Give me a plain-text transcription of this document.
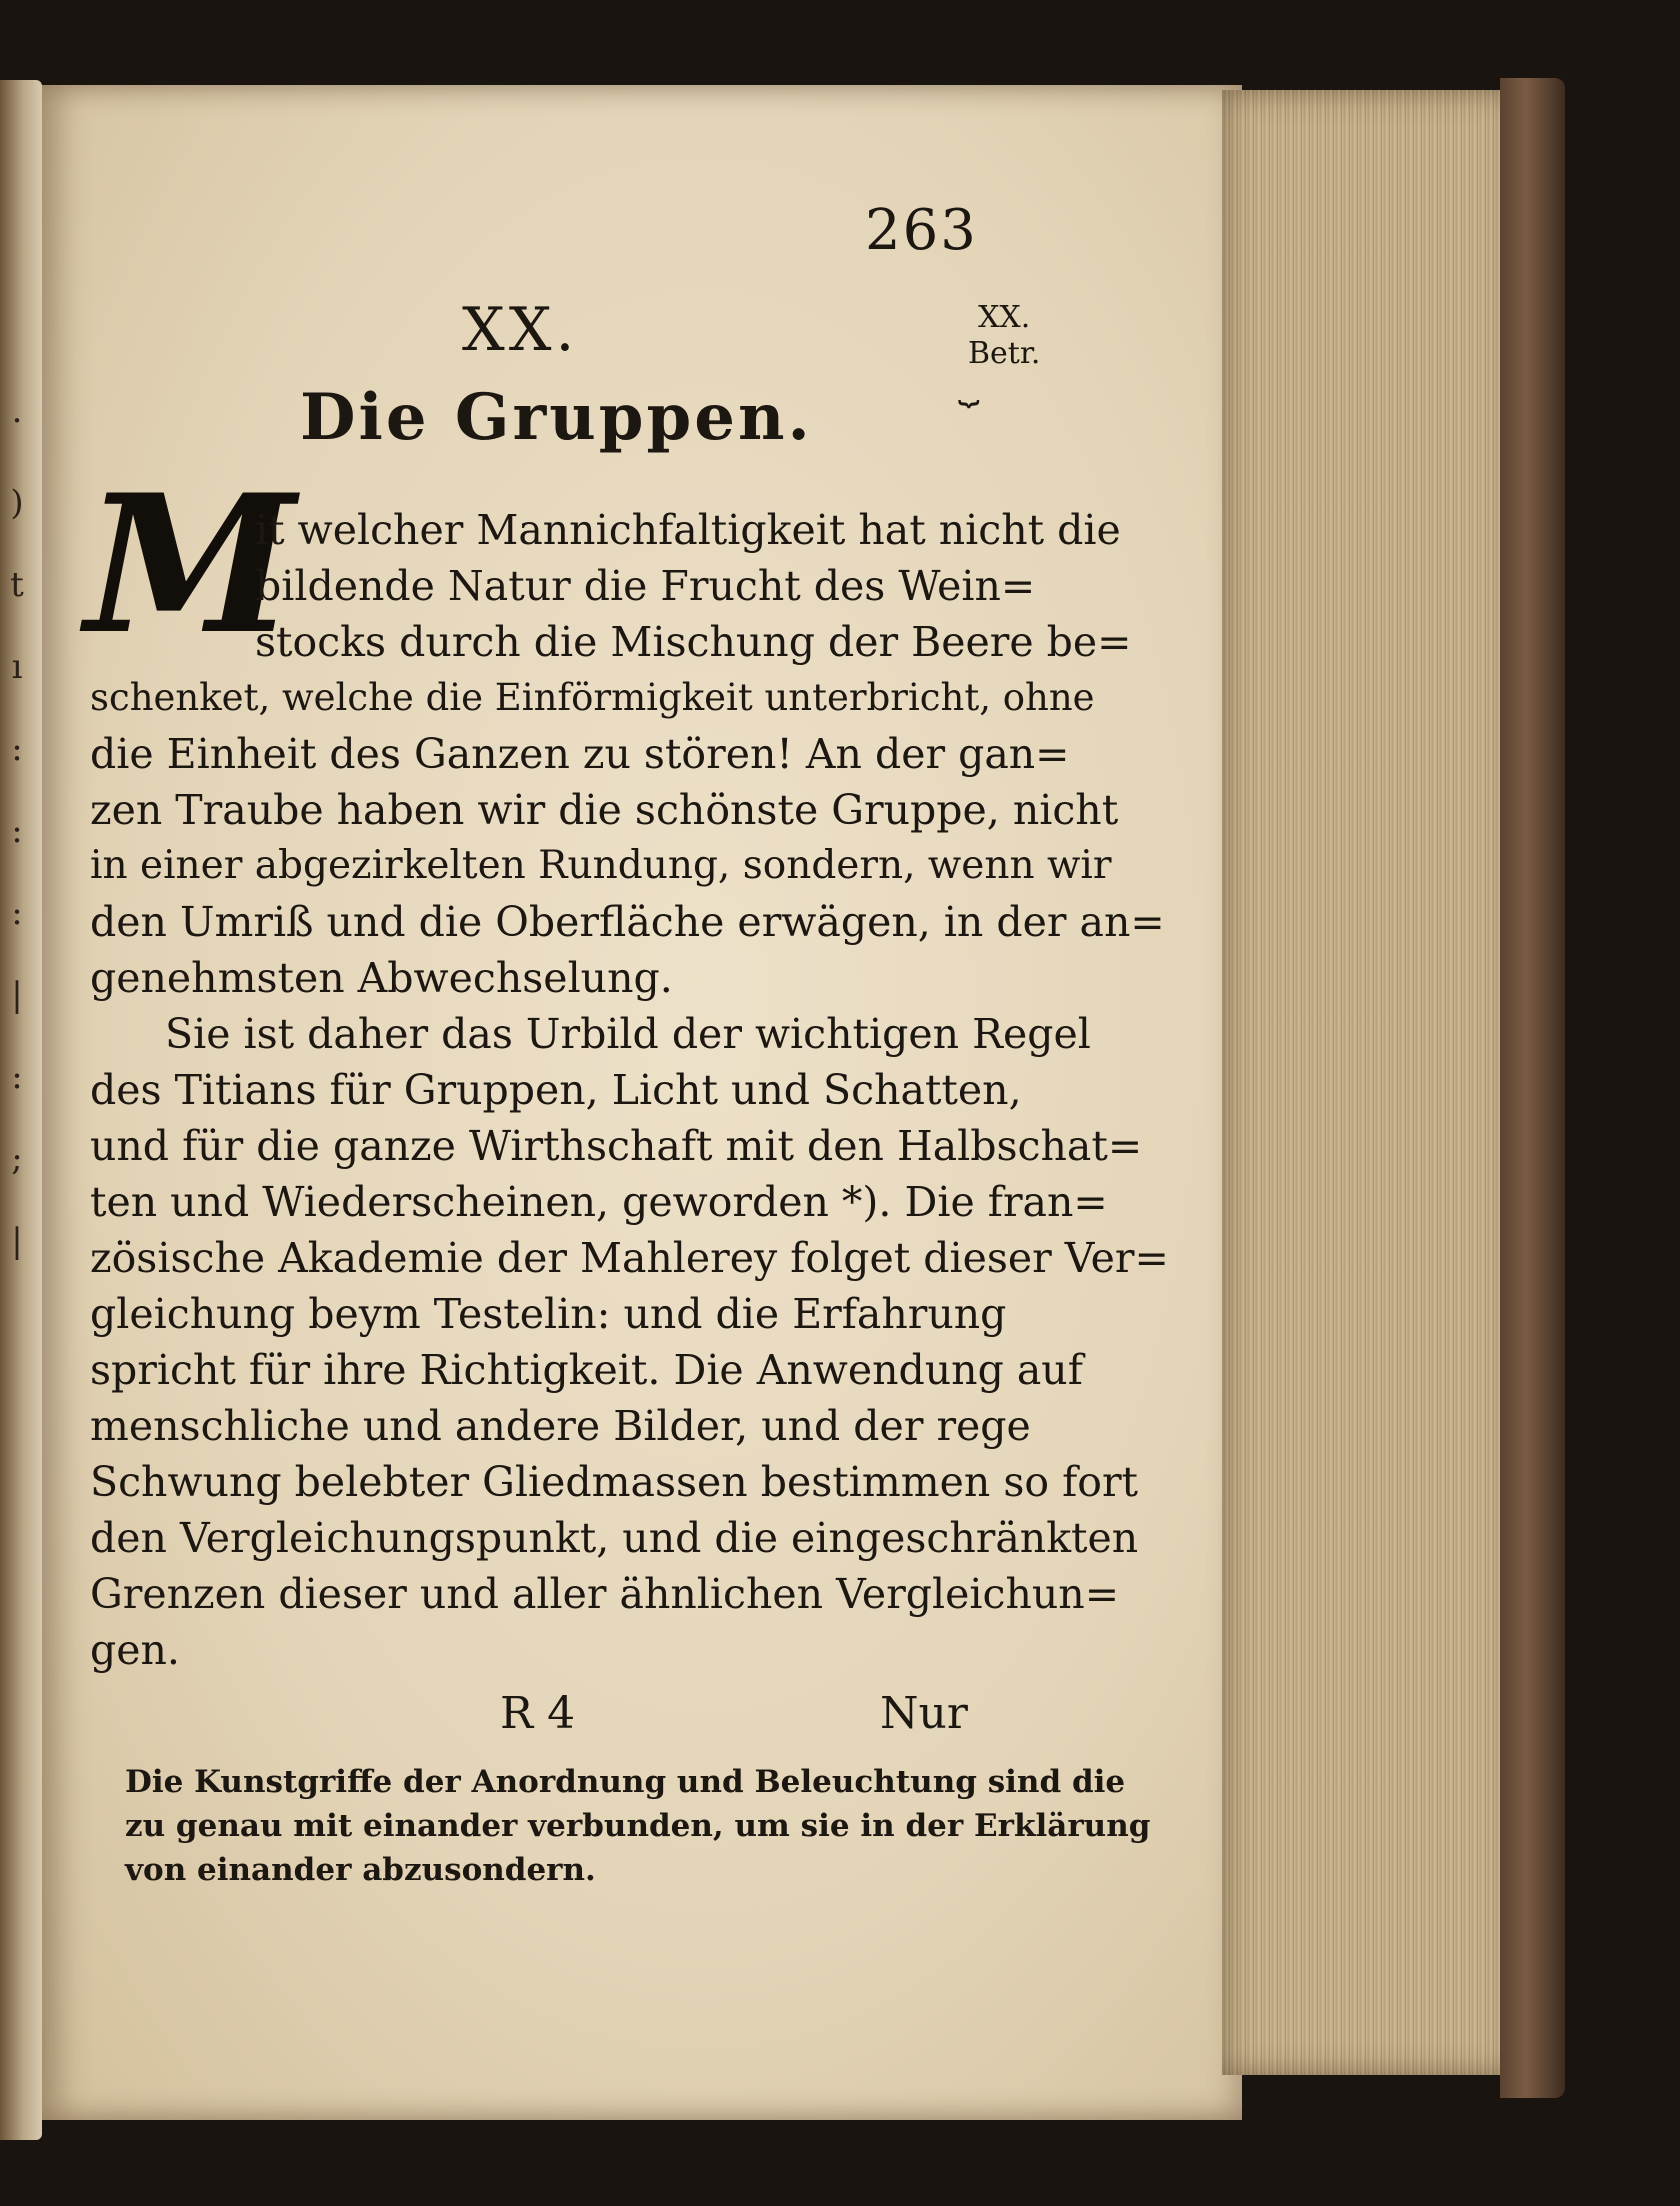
·
)
t
ı
:
:
:
|
:
;
|
263
XX.	XX.
Betr.
⏟
Die Gruppen.
M
it welcher Mannichfaltigkeit hat nicht die
bildende Natur die Frucht des Wein=
stocks durch die Mischung der Beere be=
schenket, welche die Einförmigkeit unterbricht, ohne
die Einheit des Ganzen zu stören! An der gan=
zen Traube haben wir die schönste Gruppe, nicht
in einer abgezirkelten Rundung, sondern, wenn wir
den Umriß und die Oberfläche erwägen, in der an=
genehmsten Abwechselung.
Sie ist daher das Urbild der wichtigen Regel
des Titians für Gruppen, Licht und Schatten,
und für die ganze Wirthschaft mit den Halbschat=
ten und Wiederscheinen, geworden *). Die fran=
zösische Akademie der Mahlerey folget dieser Ver=
gleichung beym Testelin: und die Erfahrung
spricht für ihre Richtigkeit. Die Anwendung auf
menschliche und andere Bilder, und der rege
Schwung belebter Gliedmassen bestimmen so fort
den Vergleichungspunkt, und die eingeschränkten
Grenzen dieser und aller ähnlichen Vergleichun=
gen.
R 4	Nur
Die Kunstgriffe der Anordnung und Beleuchtung sind die
zu genau mit einander verbunden, um sie in der Erklärung
von einander abzusondern.
